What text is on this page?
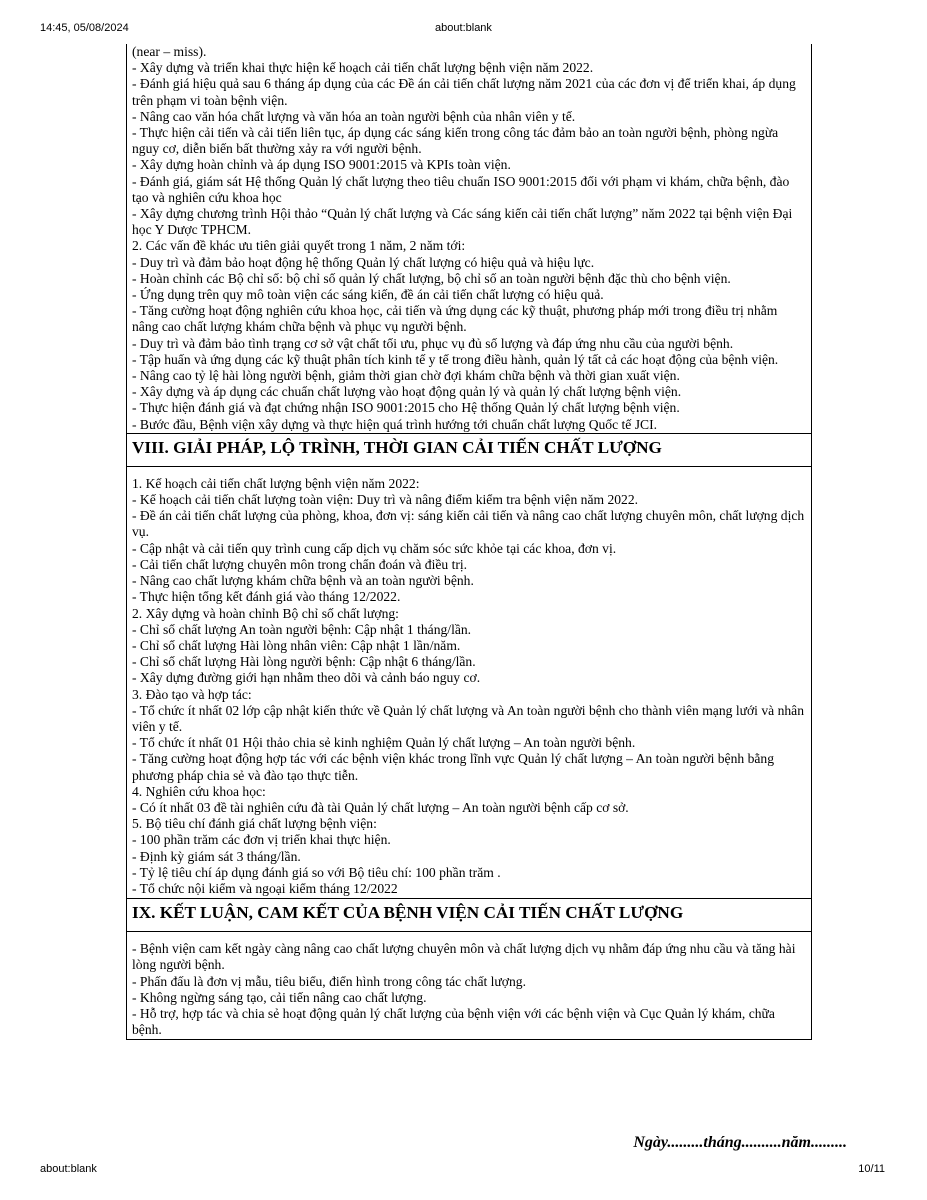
14:45, 05/08/2024	about:blank
(near – miss).
- Xây dựng và triển khai thực hiện kế hoạch cải tiến chất lượng bệnh viện năm 2022.
- Đánh giá hiệu quả sau 6 tháng áp dụng của các Đề án cải tiến chất lượng năm 2021 của các đơn vị để triển khai, áp dụng trên phạm vi toàn bệnh viện.
- Nâng cao văn hóa chất lượng và văn hóa an toàn người bệnh của nhân viên y tế.
- Thực hiện cải tiến và cải tiến liên tục, áp dụng các sáng kiến trong công tác đảm bảo an toàn người bệnh, phòng ngừa nguy cơ, diễn biến bất thường xảy ra với người bệnh.
- Xây dựng hoàn chỉnh và áp dụng ISO 9001:2015 và KPIs toàn viện.
- Đánh giá, giám sát Hệ thống Quản lý chất lượng theo tiêu chuẩn ISO 9001:2015 đối với phạm vi khám, chữa bệnh, đào tạo và nghiên cứu khoa học
- Xây dựng chương trình Hội thảo “Quản lý chất lượng và Các sáng kiến cải tiến chất lượng” năm 2022 tại bệnh viện Đại học Y Dược TPHCM.
2. Các vấn đề khác ưu tiên giải quyết trong 1 năm, 2 năm tới:
- Duy trì và đảm bảo hoạt động hệ thống Quản lý chất lượng có hiệu quả và hiệu lực.
- Hoàn chỉnh các Bộ chỉ số: bộ chỉ số quản lý chất lượng, bộ chỉ số an toàn người bệnh đặc thù cho bệnh viện.
- Ứng dụng trên quy mô toàn viện các sáng kiến, đề án cải tiến chất lượng có hiệu quả.
- Tăng cường hoạt động nghiên cứu khoa học, cải tiến và ứng dụng các kỹ thuật, phương pháp mới trong điều trị nhằm nâng cao chất lượng khám chữa bệnh và phục vụ người bệnh.
- Duy trì và đảm bảo tình trạng cơ sở vật chất tối ưu, phục vụ đủ số lượng và đáp ứng nhu cầu của người bệnh.
- Tập huấn và ứng dụng các kỹ thuật phân tích kinh tế y tế trong điều hành, quản lý tất cả các hoạt động của bệnh viện.
- Nâng cao tỷ lệ hài lòng người bệnh, giảm thời gian chờ đợi khám chữa bệnh và thời gian xuất viện.
- Xây dựng và áp dụng các chuẩn chất lượng vào hoạt động quản lý và quản lý chất lượng bệnh viện.
- Thực hiện đánh giá và đạt chứng nhận ISO 9001:2015 cho Hệ thống Quản lý chất lượng bệnh viện.
- Bước đầu, Bệnh viện xây dựng và thực hiện quá trình hướng tới chuẩn chất lượng Quốc tế JCI.
VIII. GIẢI PHÁP, LỘ TRÌNH, THỜI GIAN CẢI TIẾN CHẤT LƯỢNG
1. Kế hoạch cải tiến chất lượng bệnh viện năm 2022:
- Kế hoạch cải tiến chất lượng toàn viện: Duy trì và nâng điểm kiểm tra bệnh viện năm 2022.
- Đề án cải tiến chất lượng của phòng, khoa, đơn vị: sáng kiến cải tiến và nâng cao chất lượng chuyên môn, chất lượng dịch vụ.
- Cập nhật và cải tiến quy trình cung cấp dịch vụ chăm sóc sức khỏe tại các khoa, đơn vị.
- Cải tiến chất lượng chuyên môn trong chẩn đoán và điều trị.
- Nâng cao chất lượng khám chữa bệnh và an toàn người bệnh.
- Thực hiện tổng kết đánh giá vào tháng 12/2022.
2. Xây dựng và hoàn chỉnh Bộ chỉ số chất lượng:
- Chỉ số chất lượng An toàn người bệnh: Cập nhật 1 tháng/lần.
- Chỉ số chất lượng Hài lòng nhân viên: Cập nhật 1 lần/năm.
- Chỉ số chất lượng Hài lòng người bệnh: Cập nhật 6 tháng/lần.
- Xây dựng đường giới hạn nhằm theo dõi và cảnh báo nguy cơ.
3. Đào tạo và hợp tác:
- Tổ chức ít nhất 02 lớp cập nhật kiến thức về Quản lý chất lượng và An toàn người bệnh cho thành viên mạng lưới và nhân viên y tế.
- Tổ chức ít nhất 01 Hội thảo chia sẻ kinh nghiệm Quản lý chất lượng – An toàn người bệnh.
- Tăng cường hoạt động hợp tác với các bệnh viện khác trong lĩnh vực Quản lý chất lượng – An toàn người bệnh bằng phương pháp chia sẻ và đào tạo thực tiễn.
4. Nghiên cứu khoa học:
- Có ít nhất 03 đề tài nghiên cứu đà tài Quản lý chất lượng – An toàn người bệnh cấp cơ sở.
5. Bộ tiêu chí đánh giá chất lượng bệnh viện:
- 100 phần trăm các đơn vị triển khai thực hiện.
- Định kỳ giám sát 3 tháng/lần.
- Tỷ lệ tiêu chí áp dụng đánh giá so với Bộ tiêu chí: 100 phần trăm .
- Tổ chức nội kiểm và ngoại kiểm tháng 12/2022
IX. KẾT LUẬN, CAM KẾT CỦA BỆNH VIỆN CẢI TIẾN CHẤT LƯỢNG
- Bệnh viện cam kết ngày càng nâng cao chất lượng chuyên môn và chất lượng dịch vụ nhằm đáp ứng nhu cầu và tăng hài lòng người bệnh.
- Phấn đấu là đơn vị mẫu, tiêu biểu, điển hình trong công tác chất lượng.
- Không ngừng sáng tạo, cải tiến nâng cao chất lượng.
- Hỗ trợ, hợp tác và chia sẻ hoạt động quản lý chất lượng của bệnh viện với các bệnh viện và Cục Quản lý khám, chữa bệnh.
Ngày.........tháng..........năm.........
about:blank	10/11
